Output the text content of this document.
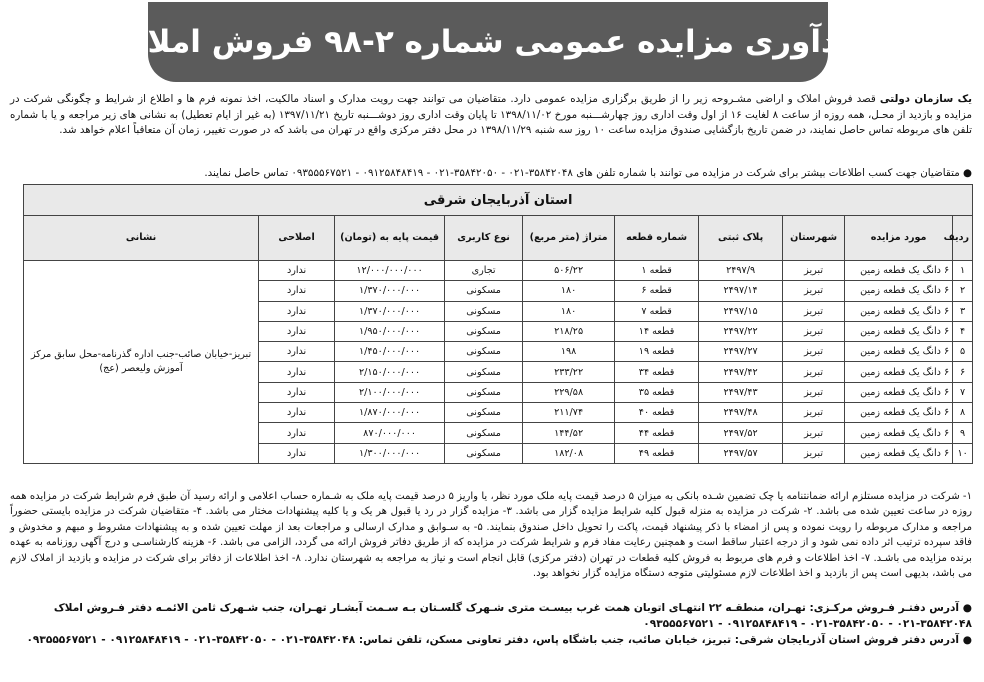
یادآوری مزایده عمومی شماره ۲-۹۸ فروش املاک

یک سازمان دولتی قصد فروش املاک و اراضی مشـروحه زیر را از طریق برگزاری مزایده عمومی دارد. متقاضیان می توانند جهت رویت مدارک و اسناد مالکیت، اخذ نمونه فرم ها و اطلاع از شرایط و چگونگی شرکت در مزایده و بازدید از محـل، همه روزه از ساعت ۸ لغایت ۱۶ از اول وقت اداری روز چهارشـــنبه مورخ ۱۳۹۸/۱۱/۰۲ تا پایان وقت اداری روز دوشـــنبه تاریخ ۱۳۹۷/۱۱/۲۱ (به غیر از ایام تعطیل) به نشانی های زیر مراجعه و یا با شماره تلفن های مربوطه تماس حاصل نمایند، در ضمن تاریخ بازگشایی صندوق مزایده ساعت ۱۰ روز سه شنبه ۱۳۹۸/۱۱/۲۹ در محل دفتر مرکزی واقع در تهران می باشد که در صورت تغییر، زمان آن متعاقباً اعلام خواهد شد.

● متقاضیان جهت کسب اطلاعات بیشتر برای شرکت در مزایده می توانند با شماره تلفن های ۳۵۸۴۲۰۴۸-۰۲۱ - ۳۵۸۴۲۰۵۰-۰۲۱ - ۰۹۱۲۵۸۴۸۴۱۹ - ۰۹۳۵۵۵۶۷۵۲۱ تماس حاصل نمایند.
استان آذربایجان شرقی									
ردیف	مورد مزایده	شهرستان	پلاک ثبتی	شماره قطعه	متراژ (متر مربع)	نوع کاربری	قیمت پایه به (تومان)	اصلاحی	نشانی
۱	۶ دانگ یک قطعه زمین	تبریز	۲۴۹۷/۹	قطعه ۱	۵۰۶/۲۲	تجاری	۱۲/۰۰۰/۰۰۰/۰۰۰	ندارد	تبریز-خیابان صائب-جنب اداره گذرنامه-محل سابق مرکز آموزش ولیعصر (عج)
۲	۶ دانگ یک قطعه زمین	تبریز	۲۴۹۷/۱۴	قطعه ۶	۱۸۰	مسکونی	۱/۳۷۰/۰۰۰/۰۰۰	ندارد	
۳	۶ دانگ یک قطعه زمین	تبریز	۲۴۹۷/۱۵	قطعه ۷	۱۸۰	مسکونی	۱/۳۷۰/۰۰۰/۰۰۰	ندارد	
۴	۶ دانگ یک قطعه زمین	تبریز	۲۴۹۷/۲۲	قطعه ۱۴	۲۱۸/۲۵	مسکونی	۱/۹۵۰/۰۰۰/۰۰۰	ندارد	
۵	۶ دانگ یک قطعه زمین	تبریز	۲۴۹۷/۲۷	قطعه ۱۹	۱۹۸	مسکونی	۱/۴۵۰/۰۰۰/۰۰۰	ندارد	
۶	۶ دانگ یک قطعه زمین	تبریز	۲۴۹۷/۴۲	قطعه ۳۴	۲۳۳/۲۲	مسکونی	۲/۱۵۰/۰۰۰/۰۰۰	ندارد	
۷	۶ دانگ یک قطعه زمین	تبریز	۲۴۹۷/۴۳	قطعه ۳۵	۲۲۹/۵۸	مسکونی	۲/۱۰۰/۰۰۰/۰۰۰	ندارد	
۸	۶ دانگ یک قطعه زمین	تبریز	۲۴۹۷/۴۸	قطعه ۴۰	۲۱۱/۷۴	مسکونی	۱/۸۷۰/۰۰۰/۰۰۰	ندارد	
۹	۶ دانگ یک قطعه زمین	تبریز	۲۴۹۷/۵۲	قطعه ۴۴	۱۴۴/۵۲	مسکونی	۸۷۰/۰۰۰/۰۰۰	ندارد	
۱۰	۶ دانگ یک قطعه زمین	تبریز	۲۴۹۷/۵۷	قطعه ۴۹	۱۸۲/۰۸	مسکونی	۱/۳۰۰/۰۰۰/۰۰۰	ندارد	

۱- شرکت در مزایده مستلزم ارائه ضمانتنامه یا چک تضمین شـده بانکی به میزان ۵ درصد قیمت پایه ملک مورد نظر، یا واریز ۵ درصد قیمت پایه ملک به شـماره حساب اعلامی و ارائه رسید آن طبق فرم شرایط شرکت در مزایده همه روزه در ساعت تعیین شده می باشد. ۲- شرکت در مزایده به منزله قبول کلیه شرایط مزایده گزار می باشد. ۳- مزایده گزار در رد یا قبول هر یک و یا کلیه پیشنهادات مختار می باشد. ۴- متقاضیان شرکت در مزایده بایستی حضوراً مراجعه و مدارک مربوطه را رویت نموده و پس از امضاء با ذکر پیشنهاد قیمت، پاکت را تحویل داخل صندوق بنمایند. ۵- به سـوابق و مدارک ارسالی و مراجعات بعد از مهلت تعیین شده و به پیشنهادات مشروط و مبهم و مخدوش و فاقد سپرده ترتیب اثر داده نمی شود و از درجه اعتبار ساقط است و همچنین رعایت مفاد فرم و شرایط شرکت در مزایده که از طریق دفاتر فروش ارائه می گردد، الزامی می باشد. ۶- هزینه کارشناسـی و درج آگهی روزنامه به عهده برنده مزایده می باشـد. ۷- اخذ اطلاعات و فرم های مربوط به فروش کلیه قطعات در تهران (دفتر مرکزی) قابل انجام است و نیاز به مراجعه به شهرستان ندارد. ۸- اخذ اطلاعات از دفاتر برای شرکت در مزایده و بازدید از املاک لازم می باشد، بدیهی است پس از بازدید و اخذ اطلاعات لازم مسئولیتی متوجه دستگاه مزایده گزار نخواهد بود.

● آدرس دفتـر فـروش مرکـزی: تهـران، منطقـه ۲۲ انتهـای اتوبان همت غرب بیسـت متری شـهرک گلسـتان بـه سـمت آبشـار تهـران، جنب شـهرک ثامن الائمـه دفتر فـروش املاک ۳۵۸۴۲۰۴۸-۰۲۱ - ۳۵۸۴۲۰۵۰-۰۲۱ - ۰۹۱۲۵۸۴۸۴۱۹ - ۰۹۳۵۵۵۶۷۵۲۱

● آدرس دفتر فروش استان آذربایجان شرقی: تبریز، خیابان صائب، جنب باشگاه پاس، دفتر تعاونی مسکن، تلفن تماس: ۳۵۸۴۲۰۴۸-۰۲۱ - ۳۵۸۴۲۰۵۰-۰۲۱ - ۰۹۱۲۵۸۴۸۴۱۹ - ۰۹۳۵۵۵۶۷۵۲۱
